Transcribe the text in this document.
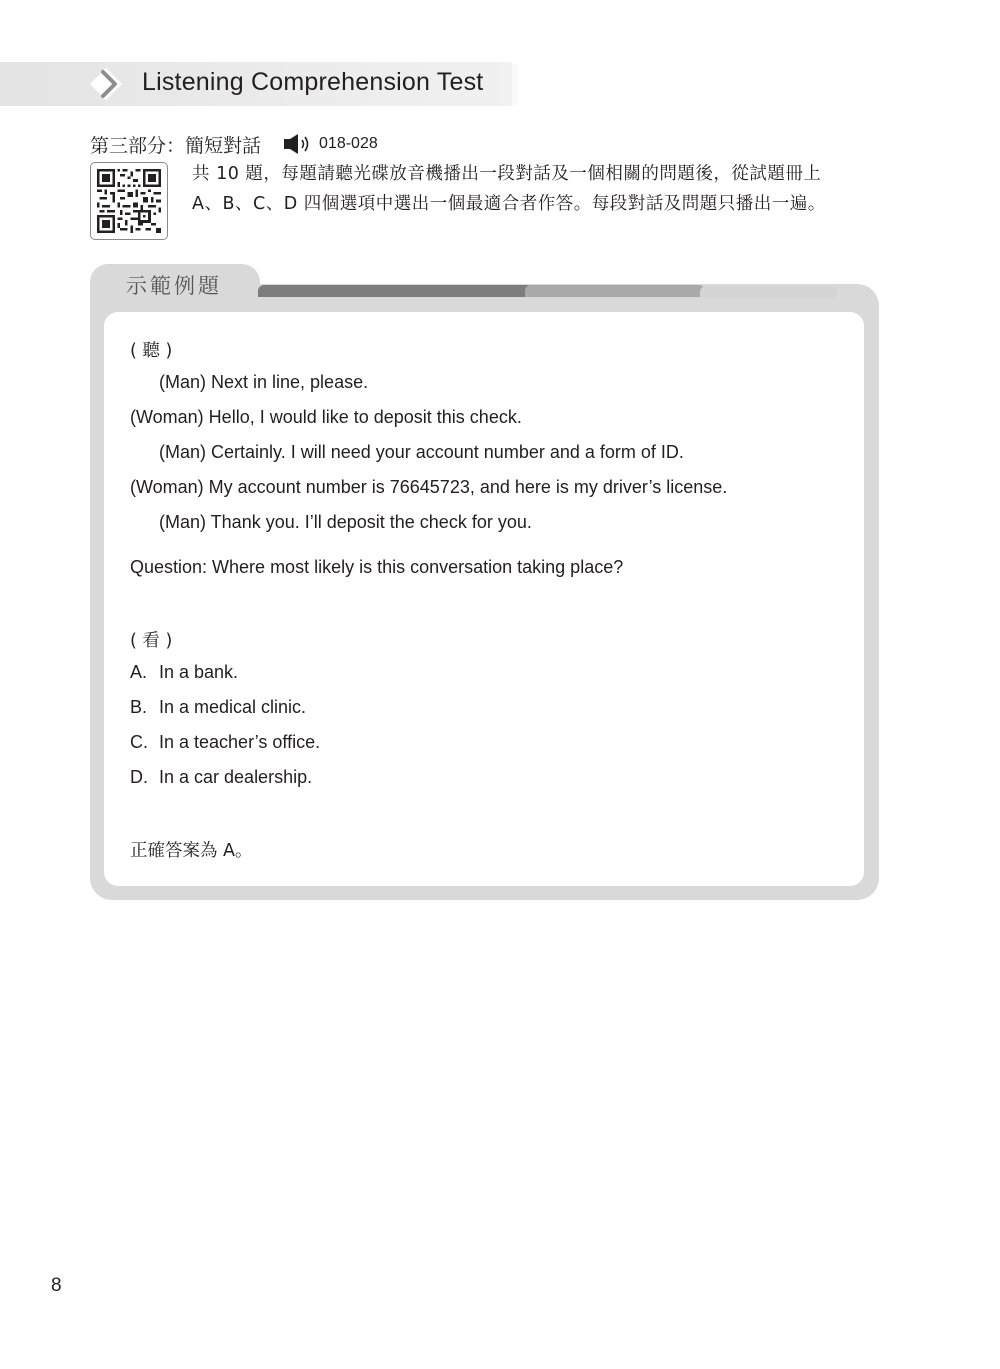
Listening Comprehension Test
第三部分：簡短對話	018-028
共 10 題，每題請聽光碟放音機播出一段對話及一個相關的問題後，從試題冊上
A、B、C、D 四個選項中選出一個最適合者作答。每段對話及問題只播出一遍。
示範例題
( 聽 )
(Man) Next in line, please.
(Woman) Hello, I would like to deposit this check.
(Man) Certainly. I will need your account number and a form of ID.
(Woman) My account number is 76645723, and here is my driver’s license.
(Man) Thank you. I’ll deposit the check for you.
Question: Where most likely is this conversation taking place?
( 看 )
A. In a bank.
B. In a medical clinic.
C. In a teacher’s office.
D. In a car dealership.
正確答案為 A。
8
